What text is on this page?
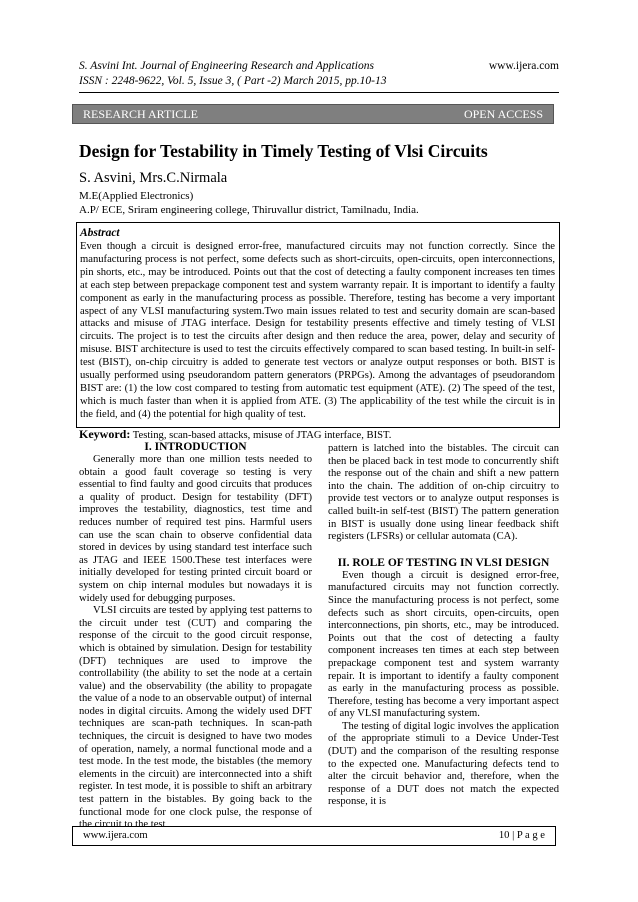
S. Asvini Int. Journal of Engineering Research and Applications	www.ijera.com
ISSN : 2248-9622, Vol. 5, Issue 3, ( Part -2) March 2015, pp.10-13
RESEARCH ARTICLE	OPEN ACCESS
Design for Testability in Timely Testing of Vlsi Circuits
S. Asvini, Mrs.C.Nirmala
M.E(Applied Electronics)
A.P/ ECE, Sriram engineering college, Thiruvallur district, Tamilnadu, India.
Abstract
Even though a circuit is designed error-free, manufactured circuits may not function correctly. Since the manufacturing process is not perfect, some defects such as short-circuits, open-circuits, open interconnections, pin shorts, etc., may be introduced. Points out that the cost of detecting a faulty component increases ten times at each step between prepackage component test and system warranty repair. It is important to identify a faulty component as early in the manufacturing process as possible. Therefore, testing has become a very important aspect of any VLSI manufacturing system.Two main issues related to test and security domain are scan-based attacks and misuse of JTAG interface. Design for testability presents effective and timely testing of VLSI circuits. The project is to test the circuits after design and then reduce the area, power, delay and security of misuse. BIST architecture is used to test the circuits effectively compared to scan based testing. In built-in self-test (BIST), on-chip circuitry is added to generate test vectors or analyze output responses or both. BIST is usually performed using pseudorandom pattern generators (PRPGs). Among the advantages of pseudorandom BIST are: (1) the low cost compared to testing from automatic test equipment (ATE). (2) The speed of the test, which is much faster than when it is applied from ATE. (3) The applicability of the test while the circuit is in the field, and (4) the potential for high quality of test.
Keyword: Testing, scan-based attacks, misuse of JTAG interface, BIST.
I. INTRODUCTION

Generally more than one million tests needed to obtain a good fault coverage so testing is very essential to find faulty and good circuits that produces a quality of product. Design for testability (DFT) improves the testability, diagnostics, test time and reduces number of required test pins. Harmful users can use the scan chain to observe confidential data stored in devices by using standard test interface such as JTAG and IEEE 1500.These test interfaces were initially developed for testing printed circuit board or system on chip internal modules but nowadays it is widely used for debugging purposes.

VLSI circuits are tested by applying test patterns to the circuit under test (CUT) and comparing the response of the circuit to the good circuit response, which is obtained by simulation. Design for testability (DFT) techniques are used to improve the controllability (the ability to set the node at a certain value) and the observability (the ability to propagate the value of a node to an observable output) of internal nodes in digital circuits. Among the widely used DFT techniques are scan-path techniques. In scan-path techniques, the circuit is designed to have two modes of operation, namely, a normal functional mode and a test mode. In the test mode, the bistables (the memory elements in the circuit) are interconnected into a shift register. In test mode, it is possible to shift an arbitrary test pattern in the bistables. By going back to the functional mode for one clock pulse, the response of the circuit to the test

pattern is latched into the bistables. The circuit can then be placed back in test mode to concurrently shift the response out of the chain and shift a new pattern into the chain. The addition of on-chip circuitry to provide test vectors or to analyze output responses is called built-in self-test (BIST) The pattern generation in BIST is usually done using linear feedback shift registers (LFSRs) or cellular automata (CA).

II. ROLE OF TESTING IN VLSI DESIGN

Even though a circuit is designed error-free, manufactured circuits may not function correctly. Since the manufacturing process is not perfect, some defects such as short circuits, open-circuits, open interconnections, pin shorts, etc., may be introduced. Points out that the cost of detecting a faulty component increases ten times at each step between prepackage component test and system warranty repair. It is important to identify a faulty component as early in the manufacturing process as possible. Therefore, testing has become a very important aspect of any VLSI manufacturing system.

The testing of digital logic involves the application of the appropriate stimuli to a Device Under-Test (DUT) and the comparison of the resulting response to the expected one. Manufacturing defects tend to alter the circuit behavior and, therefore, when the response of a DUT does not match the expected response, it is

www.ijera.com	10 | P a g e
